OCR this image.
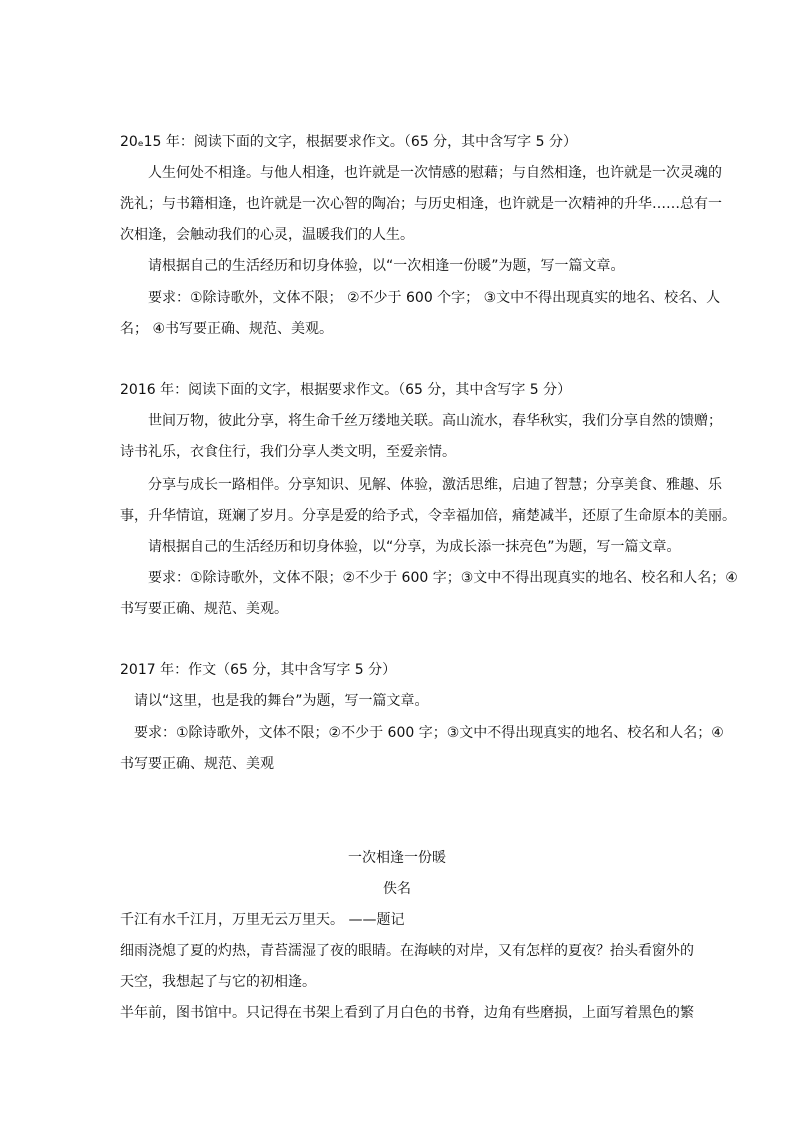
20ₑ15 年：阅读下面的文字，根据要求作文。（65 分，其中含写字 5 分）
人生何处不相逢。与他人相逢，也许就是一次情感的慰藉；与自然相逢，也许就是一次灵魂的
洗礼；与书籍相逢，也许就是一次心智的陶冶；与历史相逢，也许就是一次精神的升华……总有一
次相逢，会触动我们的心灵，温暖我们的人生。
请根据自己的生活经历和切身体验，以“一次相逢一份暖”为题，写一篇文章。
要求：①除诗歌外，文体不限； ②不少于 600 个字； ③文中不得出现真实的地名、校名、人
名； ④书写要正确、规范、美观。
2016 年：阅读下面的文字，根据要求作文。（65 分，其中含写字 5 分）
世间万物，彼此分享，将生命千丝万缕地关联。高山流水，春华秋实，我们分享自然的馈赠；
诗书礼乐，衣食住行，我们分享人类文明，至爱亲情。
分享与成长一路相伴。分享知识、见解、体验，激活思维，启迪了智慧；分享美食、雅趣、乐
事，升华情谊，斑斓了岁月。分享是爱的给予式，令幸福加倍，痛楚减半，还原了生命原本的美丽。
请根据自己的生活经历和切身体验，以“分享，为成长添一抹亮色”为题，写一篇文章。
要求：①除诗歌外，文体不限；②不少于 600 字；③文中不得出现真实的地名、校名和人名；④
书写要正确、规范、美观。
2017 年：作文（65 分，其中含写字 5 分）
请以“这里，也是我的舞台”为题，写一篇文章。
要求：①除诗歌外，文体不限；②不少于 600 字；③文中不得出现真实的地名、校名和人名；④
书写要正确、规范、美观
一次相逢一份暖
佚名
千江有水千江月，万里无云万里天。 ——题记
细雨浇熄了夏的灼热，青苔濡湿了夜的眼睛。在海峡的对岸，又有怎样的夏夜？抬头看窗外的
天空，我想起了与它的初相逢。
半年前，图书馆中。只记得在书架上看到了月白色的书脊，边角有些磨损，上面写着黑色的繁
